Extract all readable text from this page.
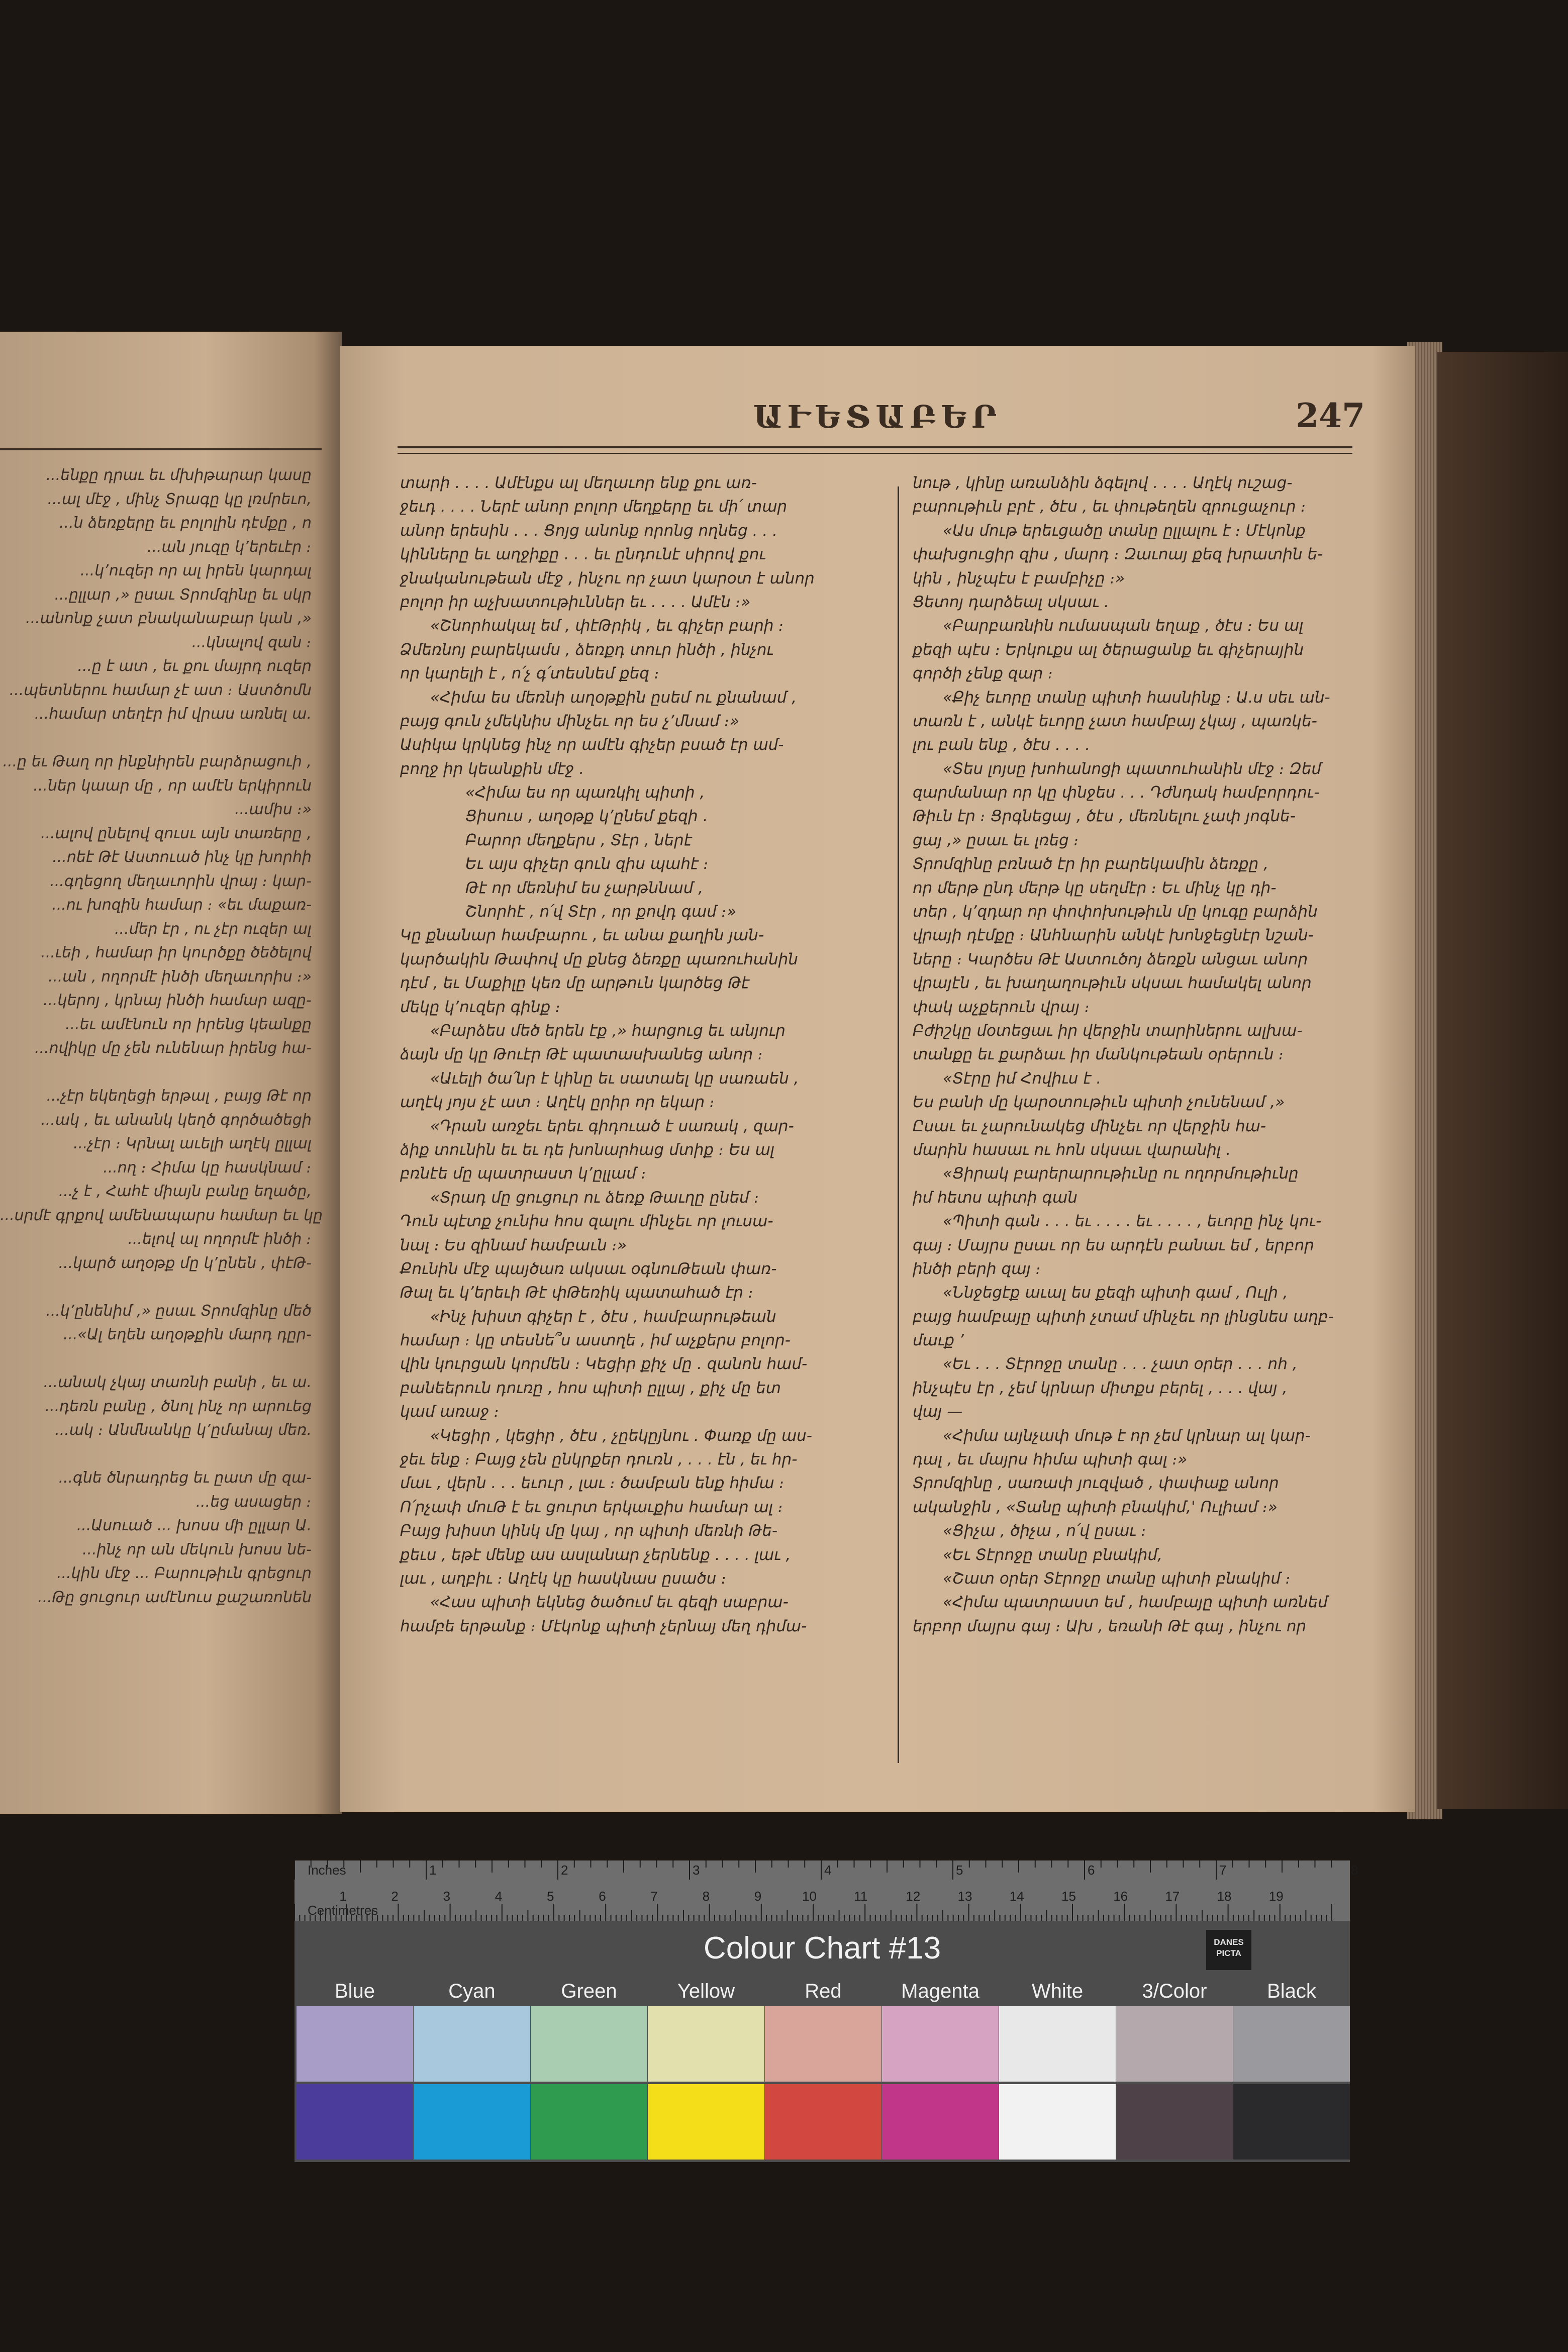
...ենքը դրաւ եւ մխիթարար կասը
...ալ մէջ , մինչ Տրագը կը լռմրեւո,
...ն ձեռքերը եւ բոլոլին դէմքը , ո
...ան յուզը կ՚երեւէր ։
...կ՚ուզեր որ ալ իրեն կարդալ
...ըլլար ,» ըսաւ Տրոմզինը եւ սկր
...անոնք չատ բնականաբար կան ,»
...կնալով զան ։
...ը է ատ , եւ քու մայրդ ուզեր
...պետներու համար չէ ատ ։ Աստծոմն
...համար տեղէր իմ վրաս առնել ա.
...ը եւ Թաղ որ ինքնիրեն բարձրացուի ,
...ներ կաար մը , որ ամէն երկիրուն
...ամիս ։»
...ալով ընելով զուսւ այն տառերը ,
...ոեէ Թէ Աստուած ինչ կը խորհի
...գղեցող մեղաւորին վրայ ։ կար-
...ու խոզին համար ։ «եւ մաքառ-
...մեր էր , ու չէր ուզեր ալ
...ւեի , համար իր կուրծքը ծեծելով
...ան , ողորմէ ինծի մեղաւորիս ։»
...կերոյ , կրնայ ինծի համար ազը-
...եւ ամէնուն որ իրենց կեանքը
...ովիկը մը չեն ունենար իրենց հա-
...չէր եկեղեցի երթալ , բայց Թէ որ
...ակ , եւ անանկ կեղծ գործածեցի
...չէր ։ Կրնալ աւելի աղէկ ըլլալ
...ող ։ Հիմա կը հասկնամ ։
...չ է , Հահէ միայն բանը եղածը,
...սրմէ գրքով ամենապարս համար եւ կը
...ելով ալ ողորմէ ինծի ։
...կարծ աղօթք մը կ՚ընեն , փէԹ-
...կ՚ընենիմ ,» ըսաւ Տրոմզինը մեծ
...«Ալ եղեն աղօթքին մարդ դըր-
...անակ չկայ տառնի բանի , եւ ա.
...դեռն բանը , ծնոլ ինչ որ արուեց
...ակ ։ Անմնանկը կ՚ըմանայ մեռ.
...գնե ծնրադրեց եւ ըատ մը զա-
...եց ասացեր ։
...Ասուած ... խոսս մի ըլլար Ա.
...ինչ որ ան մեկուն խոսս նե-
...կին մէջ ... Բարութիւն գրեցուր
...Թը ցուցուր ամէնուս քաշառոնեն
ԱՒԵՏԱԲԵՐ	247
տարի . . . . Ամէնքս ալ մեղաւոր ենք քու առ-
ջեւդ . . . . Ներէ անոր բոլոր մեղքերը եւ մի՛ տար
անոր երեսին . . . Ցոյց անոնք որոնց ողնեց . . .
կինները եւ աղջիքը . . . եւ ընդունէ սիրով քու
ջնականութեան մէջ , ինչու որ չատ կարօտ է անոր
բոլոր իր աչխատութիւններ եւ . . . . Ամէն ։»
«Շնորհակալ եմ , փէԹրիկ , եւ գիչեր բարի ։
Ձմեռնոյ բարեկամս , ձեռքդ տուր ինծի , ինչու
որ կարելի է , ո՛չ գ՛տեսնեմ քեզ ։
«Հիմա ես մեռնի աղօթքին ըսեմ ու քնանամ ,
բայց գուն չմեկնիս մինչեւ որ ես չ՚մնամ ։»
Ասիկա կրկնեց ինչ որ ամէն գիչեր բսած էր ամ-
բողջ իր կեանքին մէջ ․
«Հիմա ես որ պառկիլ պիտի ,
Ցիսուս , աղօթք կ՚ընեմ քեզի ․
Բարոր մեղքերս , Տէր , ներէ
Եւ այս գիչեր գուն զիս պահէ ։
Թէ որ մեռնիմ ես չարթննամ ,
Շնորհէ , ո՛վ Տէր , որ քովդ գամ ։»
Կը քնանար համբարու , եւ անա քաղին յան-
կարծակին Թափով մը քնեց ձեռքը պառուհանին
դէմ , եւ Մաքիլը կեռ մը արթուն կարծեց Թէ
մեկը կ՚ուզեր գինք ։
«Բարձես մեծ երեն էք ,» հարցուց եւ անյուր
ձայն մը կը Թուէր Թէ պատասխանեց անոր ։
«Աւելի ծա՛նր է կինը եւ սատաել կը սառաեն ,
աղէկ յոյս չէ ատ ։ Աղէկ ըրիր որ եկար ։
«Դրան առջեւ երեւ գիդուած է սառակ , զար-
ձիք տունին եւ եւ դե խոնարհաց մտիք ։ Ես ալ
բռնէե մը պատրաստ կ՚ըլլամ ։
«Տրադ մը ցուցուր ու ձեռք Թաւղը ընեմ ։
Դուն պէտք չունիս հոս զալու մինչեւ որ լուսա-
նալ ։ Ես զինամ համբաւն ։»
Քունին մէջ պայծառ ակսաւ օգնուԹեան փառ-
Թալ եւ կ՚երեւի Թէ փԹեռիկ պատահած էր ։
«Ինչ խիստ գիչեր է , ծէս , համբարութեան
համար ։ կը տեսնե՞ս աստղե , իմ աչքերս բոլոր-
վին կուրցան կորմեն ։ Կեցիր քիչ մը ․ զանոն համ-
բանեերուն դուռը , հոս պիտի ըլլայ , քիչ մը ետ
կամ առաջ ։
«Կեցիր , կեցիր , ծէս , չըեկըյնու ․ Փառք մը աս-
ջեւ ենք ։ Բայց չեն ընկրքեր դուռն , . . . էն , եւ հր-
մաւ , վերն . . . եւուր , լաւ ։ ծամբան ենք հիմա ։
Ո՛րչափ մուԹ է եւ ցուրտ երկաւքիս համար ալ ։
Բայց խիստ կինկ մը կայ , որ պիտի մեռնի Թե-
քեւս , եթէ մենք աս ասլանար չերնենք . . . . լաւ ,
լաւ , աղբիւ ։ Աղէկ կը հասկնաս ըսածս ։
«Հաս պիտի եկնեց ծածում եւ գեզի սաբրա-
համբե երթանք ։ Մէկոնք պիտի չերնայ մեղ դիմա-
նութ , կինը առանձին ձգելով . . . . Աղէկ ուշաց-
բարութիւն բրէ , ծէս , եւ փութեղեն զրուցաչուր ։
«Աս մութ երեւցածը տանը ըլլալու է ։ Մէկոնք
փախցուցիր զիս , մարդ ։ Զաւոայ քեզ խրատին ե-
կին , ինչպէս է բամբիչը ։»
Ցետոյ դարձեալ սկսաւ .
«Բարբառնին ումասպան եղաք , ծէս ։ Ես ալ
քեզի պէս ։ Երկուքս ալ ծերացանք եւ գիչերային
գործի չենք զար ։
«Քիչ եւորը տանը պիտի հասնինք ։ Ա.ս սեւ ան-
տառն է , անկէ եւորը չատ համբայ չկայ , պառկե-
լու բան ենք , ծէս . . . .
«Տես լոյսը խոհանոցի պատուհանին մէջ ։ Զեմ
զարմանար որ կը փնջես . . . Դժնդակ համբորդու-
Թիւն էր ։ Ցրգնեցայ , ծէս , մեռնելու չափ յոգնե-
ցայ ,» ըսաւ եւ լռեց ։
Տրոմզինը բռնած էր իր բարեկամին ձեռքը ,
որ մերթ ընդ մերթ կը սեղմէր ։ Եւ մինչ կը դի-
տեր , կ՚զդար որ փոփոխութիւն մը կուգը բարձին
վրայի դէմքը ։ Անհնարին անկէ խոնջեցնէր նշան-
ները ։ Կարծես Թէ Աստուծոյ ձեռքն անցաւ անոր
վրայէն , եւ խաղաղութիւն սկսաւ համակել անոր
փակ աչքերուն վրայ ։
Բժիշկը մօտեցաւ իր վերջին տարիներու ալխա-
տանքը եւ քարձաւ իր մանկութեան օրերուն ։
«Տէրը իմ Հովիւս է ․
Ես բանի մը կարօտութիւն պիտի չունենամ ,»
Ըսաւ եւ չարունակեց մինչեւ որ վերջին հա-
մարին հասաւ ու հոն սկսաւ վարանիլ ․
«Ցիրակ բարերարութիւնը ու ողորմութիւնը
իմ հետս պիտի գան
«Պիտի գան . . . եւ . . . . եւ . . . . , եւորը ինչ կու-
գայ ։ Մայրս ըսաւ որ ես արդէն բանաւ եմ , երբոր
ինծի բերի զայ ։
«Ննջեցէք աւալ ես քեզի պիտի գամ , Ուլի ,
բայց համբայը պիտի չտամ մինչեւ որ լինցնես աղբ-
մաւք ՚
«Եւ . . . Տէրոջը տանը . . . չատ օրեր . . . ոհ ,
ինչպէս էր , չեմ կրնար միտքս բերել , . . . վայ ,
վայ —
«Հիմա այնչափ մութ է որ չեմ կրնար ալ կար-
դալ , եւ մայրս հիմա պիտի գալ ։»
Տրոմզինը , սառափ յուզված , փափաք անոր
ականջին , «Տանը պիտի բնակիմ,' Ուլիամ ։»
«Ցիչա , ծիչա , ո՛վ ըսաւ ։
«Եւ Տէրոջը տանը բնակիմ,
«Շատ օրեր Տէրոջը տանը պիտի բնակիմ ։
«Հիմա պատրաստ եմ , համբայը պիտի առնեմ
երբոր մայրս գայ ։ Ախ , եռանի Թէ գայ , ինչու որ
1	2	3	4	5	6	7	8
1	2	3	4	5	6	7	8	9	10	11	12	13	14	15	16	17	18	19
Inches
Centimetres
Colour Chart #13	DANES
PICTA
Blue	Cyan	Green	Yellow	Red	Magenta	White	3/Color	Black
